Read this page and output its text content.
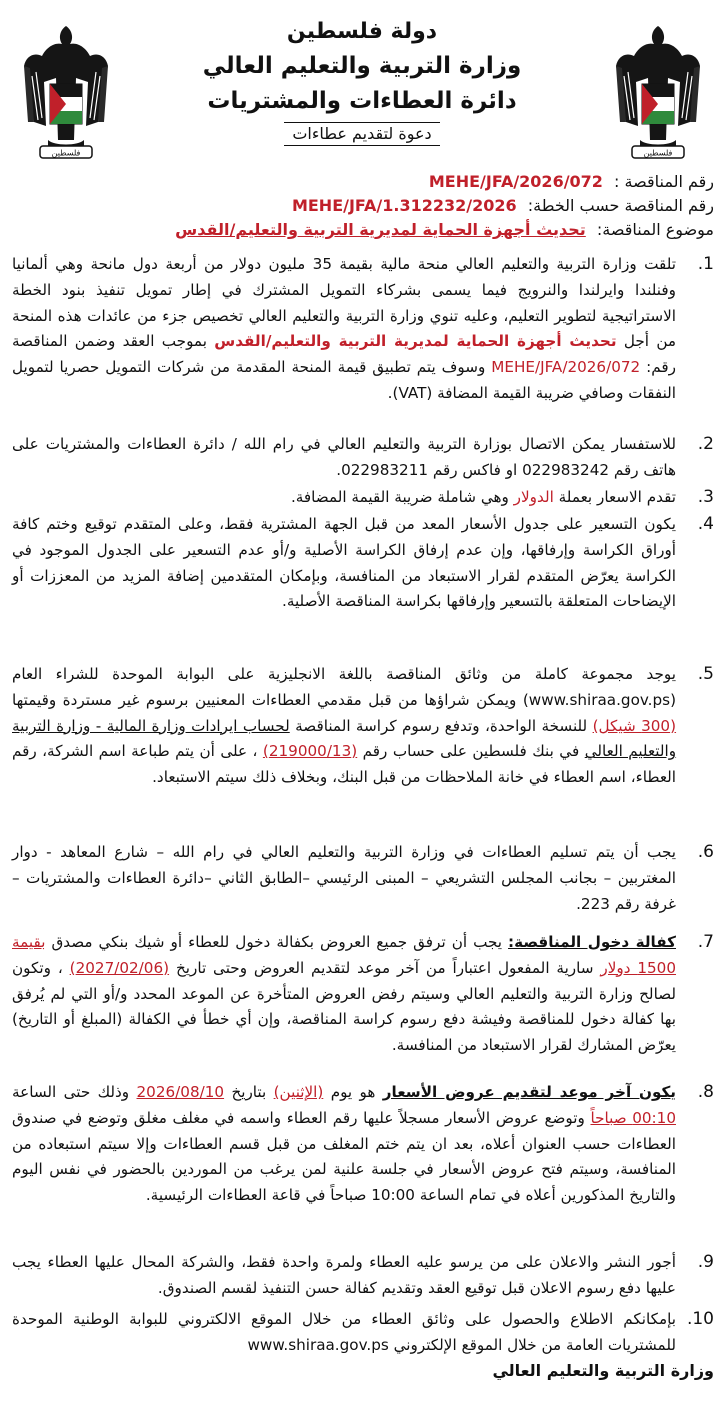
فلسطين
دولة فلسطين
وزارة التربية والتعليم العالي
دائرة العطاءات والمشتريات
دعوة لتقديم عطاءات
فلسطين
رقم المناقصة : MEHE/JFA/2026/072
رقم المناقصة حسب الخطة: MEHE/JFA/1.312232/2026
موضوع المناقصة: تحديث أجهزة الحماية لمديرية التربية والتعليم/القدس
1.

تلقت وزارة التربية والتعليم العالي منحة مالية بقيمة 35 مليون دولار من أربعة دول مانحة وهي ألمانيا وفنلندا وايرلندا والنرويج فيما يسمى بشركاء التمويل المشترك في إطار تمويل تنفيذ بنود الخطة الاستراتيجية لتطوير التعليم، وعليه تنوي وزارة التربية والتعليم العالي تخصيص جزء من عائدات هذه المنحة من أجل تحديث أجهزة الحماية لمديرية التربية والتعليم/القدس بموجب العقد وضمن المناقصة رقم: MEHE/JFA/2026/072 وسوف يتم تطبيق قيمة المنحة المقدمة من شركات التمويل حصريا لتمويل النفقات وصافي ضريبة القيمة المضافة (VAT).

2.

للاستفسار يمكن الاتصال بوزارة التربية والتعليم العالي في رام الله / دائرة العطاءات والمشتريات على هاتف رقم 022983242 او فاكس رقم 022983211.

3.

تقدم الاسعار بعملة الدولار وهي شاملة ضريبة القيمة المضافة.

4.

يكون التسعير على جدول الأسعار المعد من قبل الجهة المشترية فقط، وعلى المتقدم توقيع وختم كافة أوراق الكراسة وإرفاقها، وإن عدم إرفاق الكراسة الأصلية و/أو عدم التسعير على الجدول الموجود في الكراسة يعرّض المتقدم لقرار الاستبعاد من المنافسة، وبإمكان المتقدمين إضافة المزيد من المعززات أو الإيضاحات المتعلقة بالتسعير وإرفاقها بكراسة المناقصة الأصلية.

5.

يوجد مجموعة كاملة من وثائق المناقصة باللغة الانجليزية على البوابة الموحدة للشراء العام (www.shiraa.gov.ps) ويمكن شراؤها من قبل مقدمي العطاءات المعنيين برسوم غير مستردة وقيمتها (300 شيكل) للنسخة الواحدة، وتدفع رسوم كراسة المناقصة لحساب ايرادات وزارة المالية - وزارة التربية والتعليم العالي في بنك فلسطين على حساب رقم (219000/13) ، على أن يتم طباعة اسم الشركة، رقم العطاء، اسم العطاء في خانة الملاحظات من قبل البنك، وبخلاف ذلك سيتم الاستبعاد.

6.

يجب أن يتم تسليم العطاءات في وزارة التربية والتعليم العالي في رام الله – شارع المعاهد - دوار المغتربين – بجانب المجلس التشريعي – المبنى الرئيسي –الطابق الثاني –دائرة العطاءات والمشتريات – غرفة رقم 223.

7.

كفالة دخول المناقصة: يجب أن ترفق جميع العروض بكفالة دخول للعطاء أو شيك بنكي مصدق بقيمة 1500 دولار سارية المفعول اعتباراً من آخر موعد لتقديم العروض وحتى تاريخ (2027/02/06) ، وتكون لصالح وزارة التربية والتعليم العالي وسيتم رفض العروض المتأخرة عن الموعد المحدد و/أو التي لم يُرفق بها كفالة دخول للمناقصة وفيشة دفع رسوم كراسة المناقصة، وإن أي خطأ في الكفالة (المبلغ أو التاريخ) يعرّض المشارك لقرار الاستبعاد من المنافسة.

8.

يكون آخر موعد لتقديم عروض الأسعار هو يوم (الإثنين) بتاريخ 2026/08/10 وذلك حتى الساعة 00:10 صباحاً وتوضع عروض الأسعار مسجلاً عليها رقم العطاء واسمه في مغلف مغلق وتوضع في صندوق العطاءات حسب العنوان أعلاه، بعد ان يتم ختم المغلف من قبل قسم العطاءات وإلا سيتم استبعاده من المنافسة، وسيتم فتح عروض الأسعار في جلسة علنية لمن يرغب من الموردين بالحضور في نفس اليوم والتاريخ المذكورين أعلاه في تمام الساعة 10:00 صباحاً في قاعة العطاءات الرئيسية.

9.

أجور النشر والاعلان على من يرسو عليه العطاء ولمرة واحدة فقط، والشركة المحال عليها العطاء يجب عليها دفع رسوم الاعلان قبل توقيع العقد وتقديم كفالة حسن التنفيذ لقسم الصندوق.

10.

بإمكانكم الاطلاع والحصول على وثائق العطاء من خلال الموقع الالكتروني للبوابة الوطنية الموحدة للمشتريات العامة من خلال الموقع الإلكتروني www.shiraa.gov.ps

وزارة التربية والتعليم العالي
